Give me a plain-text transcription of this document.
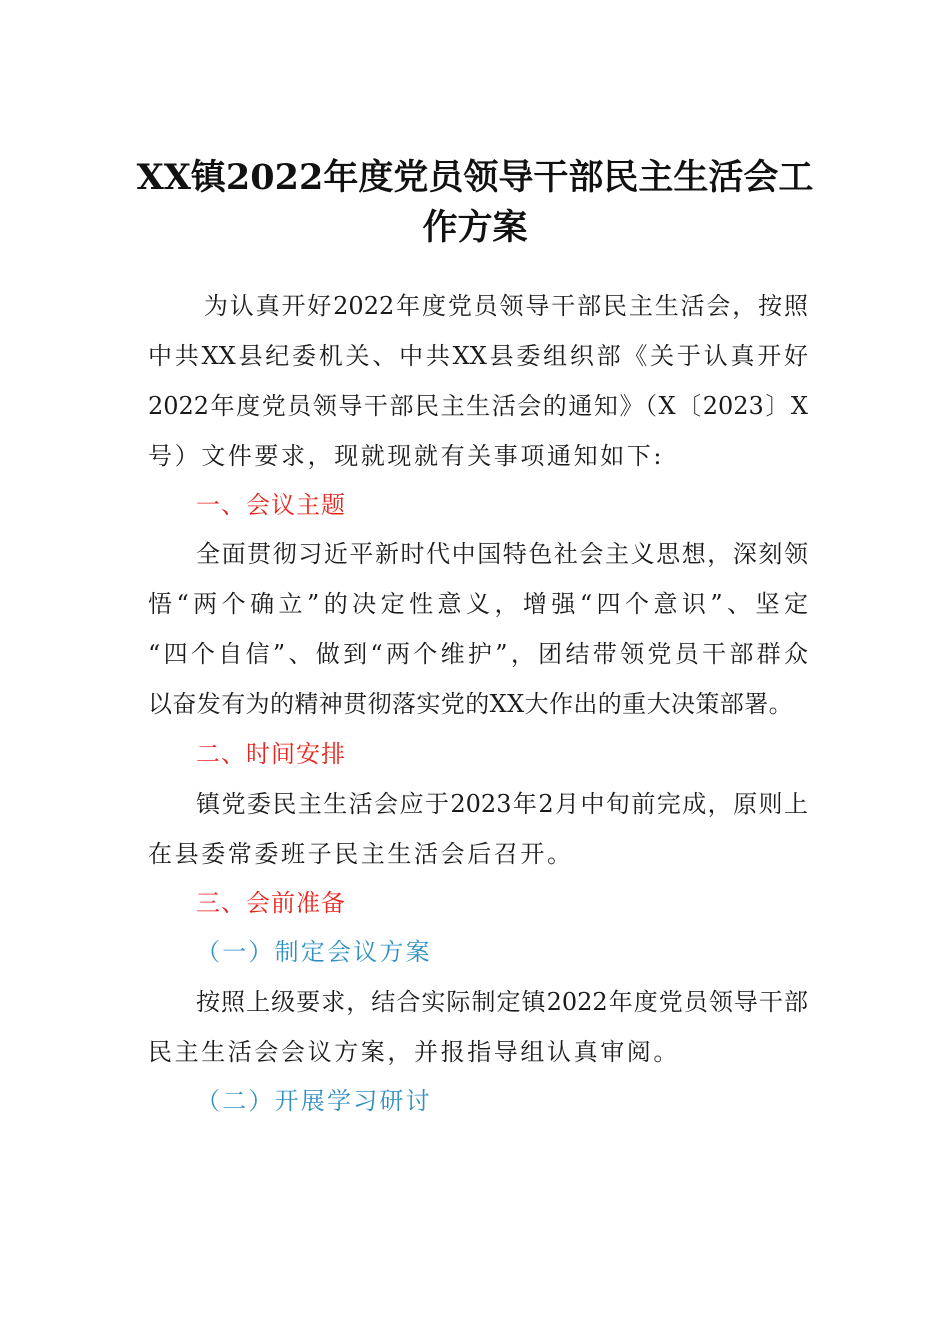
XX镇2022年度党员领导干部民主生活会工
作方案
　为认真开好2022年度党员领导干部民主生活会，按照
中共XX县纪委机关、中共XX县委组织部《关于认真开好
2022年度党员领导干部民主生活会的通知》（X〔2023〕X
号）文件要求，现就现就有关事项通知如下:
一、会议主题
全面贯彻习近平新时代中国特色社会主义思想，深刻领
悟“两个确立”的决定性意义，增强“四个意识”、坚定
“四个自信”、做到“两个维护”，团结带领党员干部群众
以奋发有为的精神贯彻落实党的XX大作出的重大决策部署。
二、时间安排
镇党委民主生活会应于2023年2月中旬前完成，原则上
在县委常委班子民主生活会后召开。
三、会前准备
（一）制定会议方案
按照上级要求，结合实际制定镇2022年度党员领导干部
民主生活会会议方案，并报指导组认真审阅。
（二）开展学习研讨
